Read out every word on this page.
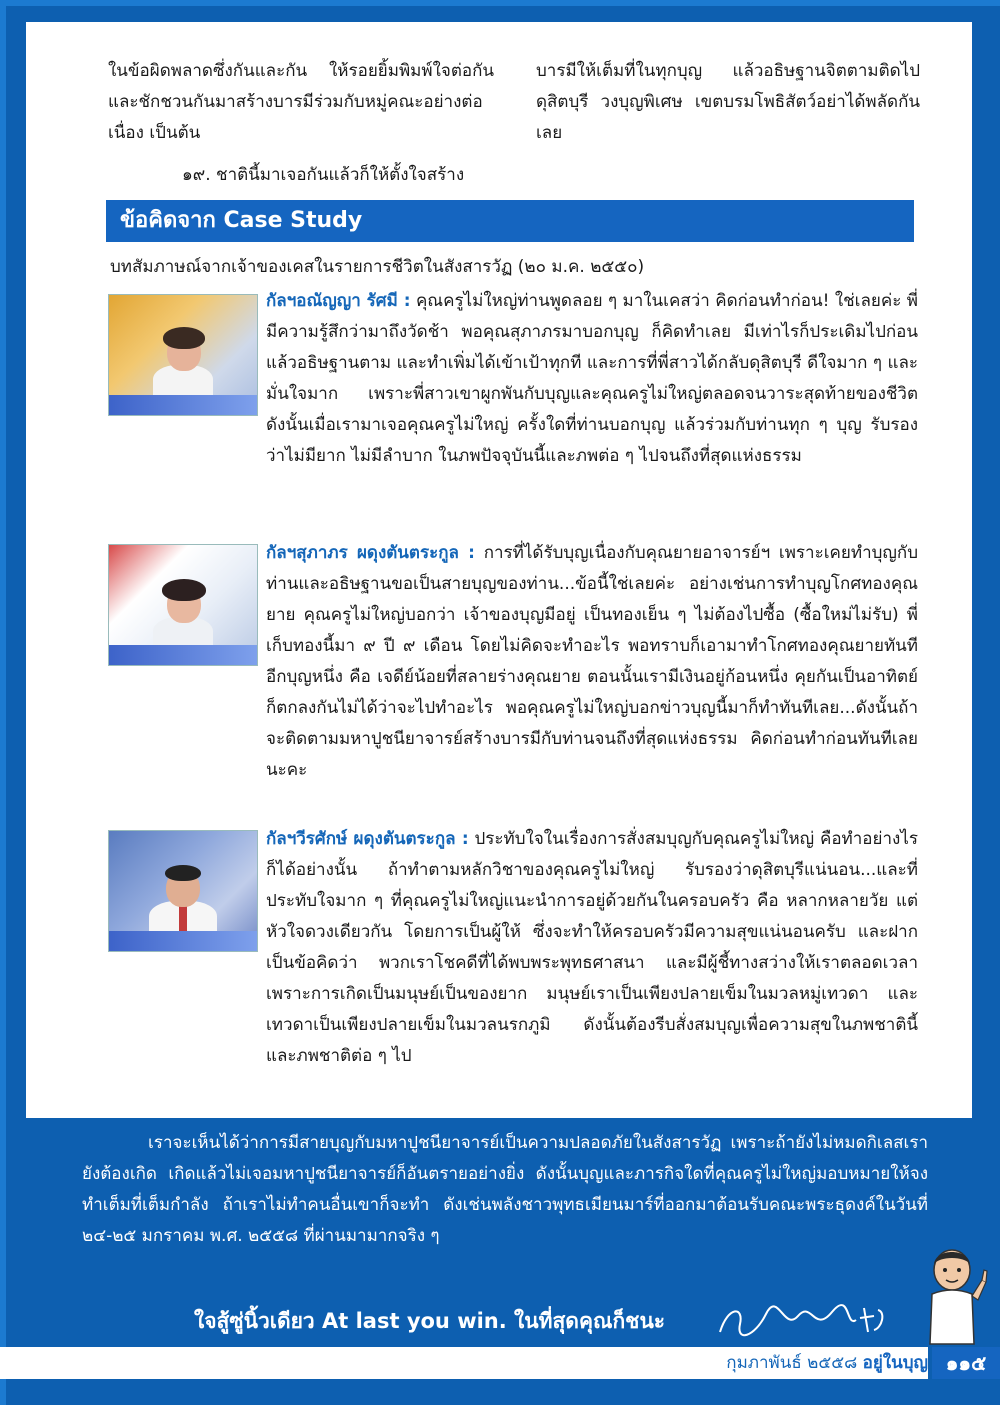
ในข้อผิดพลาดซึ่งกันและกัน ให้รอยยิ้มพิมพ์ใจต่อกัน และชักชวนกันมาสร้างบารมีร่วมกับหมู่คณะอย่างต่อเนื่อง เป็นต้น

๑๙. ชาตินี้มาเจอกันแล้วก็ให้ตั้งใจสร้าง

บารมีให้เต็มที่ในทุกบุญ แล้วอธิษฐานจิตตามติดไปดุสิตบุรี วงบุญพิเศษ เขตบรมโพธิสัตว์อย่าได้พลัดกันเลย

ข้อคิดจาก Case Study

บทสัมภาษณ์จากเจ้าของเคสในรายการชีวิตในสังสารวัฏ (๒๐ ม.ค. ๒๕๕๐)

กัลฯอณัญญา รัศมี : คุณครูไม่ใหญ่ท่านพูดลอย ๆ มาในเคสว่า คิดก่อนทำก่อน! ใช่เลยค่ะ พี่มีความรู้สึกว่ามาถึงวัดช้า พอคุณสุภาภรมาบอกบุญ ก็คิดทำเลย มีเท่าไรก็ประเดิมไปก่อน แล้วอธิษฐานตาม และทำเพิ่มได้เข้าเป้าทุกที และการที่พี่สาวได้กลับดุสิตบุรี ดีใจมาก ๆ และมั่นใจมาก เพราะพี่สาวเขาผูกพันกับบุญและคุณครูไม่ใหญ่ตลอดจนวาระสุดท้ายของชีวิต ดังนั้นเมื่อเรามาเจอคุณครูไม่ใหญ่ ครั้งใดที่ท่านบอกบุญ แล้วร่วมกับท่านทุก ๆ บุญ รับรองว่าไม่มียาก ไม่มีลำบาก ในภพปัจจุบันนี้และภพต่อ ๆ ไปจนถึงที่สุดแห่งธรรม

กัลฯสุภาภร ผดุงตันตระกูล : การที่ได้รับบุญเนื่องกับคุณยายอาจารย์ฯ เพราะเคยทำบุญกับท่านและอธิษฐานขอเป็นสายบุญของท่าน...ข้อนี้ใช่เลยค่ะ อย่างเช่นการทำบุญโกศทองคุณยาย คุณครูไม่ใหญ่บอกว่า เจ้าของบุญมีอยู่ เป็นทองเย็น ๆ ไม่ต้องไปซื้อ (ซื้อใหม่ไม่รับ) พี่เก็บทองนี้มา ๙ ปี ๙ เดือน โดยไม่คิดจะทำอะไร พอทราบก็เอามาทำโกศทองคุณยายทันที อีกบุญหนึ่ง คือ เจดีย์น้อยที่สลายร่างคุณยาย ตอนนั้นเรามีเงินอยู่ก้อนหนึ่ง คุยกันเป็นอาทิตย์ก็ตกลงกันไม่ได้ว่าจะไปทำอะไร พอคุณครูไม่ใหญ่บอกข่าวบุญนี้มาก็ทำทันทีเลย...ดังนั้นถ้าจะติดตามมหาปูชนียาจารย์สร้างบารมีกับท่านจนถึงที่สุดแห่งธรรม คิดก่อนทำก่อนทันทีเลยนะคะ

กัลฯวีรศักษ์ ผดุงตันตระกูล : ประทับใจในเรื่องการสั่งสมบุญกับคุณครูไม่ใหญ่ คือทำอย่างไรก็ได้อย่างนั้น ถ้าทำตามหลักวิชาของคุณครูไม่ใหญ่ รับรองว่าดุสิตบุรีแน่นอน...และที่ประทับใจมาก ๆ ที่คุณครูไม่ใหญ่แนะนำการอยู่ด้วยกันในครอบครัว คือ หลากหลายวัย แต่หัวใจดวงเดียวกัน โดยการเป็นผู้ให้ ซึ่งจะทำให้ครอบครัวมีความสุขแน่นอนครับ และฝากเป็นข้อคิดว่า พวกเราโชคดีที่ได้พบพระพุทธศาสนา และมีผู้ชี้ทางสว่างให้เราตลอดเวลา เพราะการเกิดเป็นมนุษย์เป็นของยาก มนุษย์เราเป็นเพียงปลายเข็มในมวลหมู่เทวดา และเทวดาเป็นเพียงปลายเข็มในมวลนรกภูมิ ดังนั้นต้องรีบสั่งสมบุญเพื่อความสุขในภพชาตินี้และภพชาติต่อ ๆ ไป

เราจะเห็นได้ว่าการมีสายบุญกับมหาปูชนียาจารย์เป็นความปลอดภัยในสังสารวัฏ เพราะถ้ายังไม่หมดกิเลสเรายังต้องเกิด เกิดแล้วไม่เจอมหาปูชนียาจารย์ก็อันตรายอย่างยิ่ง ดังนั้นบุญและภารกิจใดที่คุณครูไม่ใหญ่มอบหมายให้จงทำเต็มที่เต็มกำลัง ถ้าเราไม่ทำคนอื่นเขาก็จะทำ ดังเช่นพลังชาวพุทธเมียนมาร์ที่ออกมาต้อนรับคณะพระธุดงค์ในวันที่ ๒๔-๒๕ มกราคม พ.ศ. ๒๕๕๘ ที่ผ่านมามากจริง ๆ

ใจสู้ซู่นิ้วเดียว At last you win. ในที่สุดคุณก็ชนะ

กุมภาพันธ์ ๒๕๕๘ อยู่ในบุญ ๑๑๕
